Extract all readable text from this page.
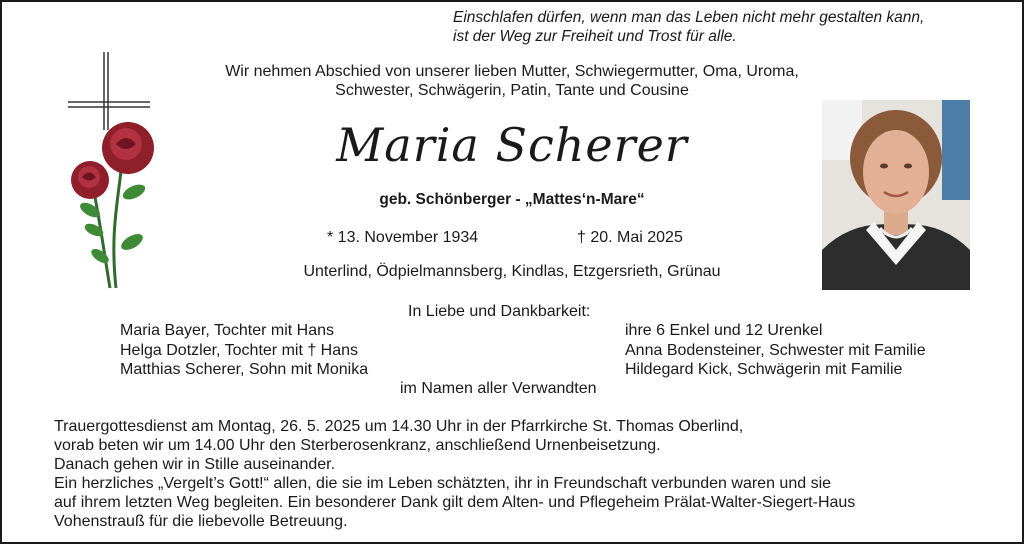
Einschlafen dürfen, wenn man das Leben nicht mehr gestalten kann,
ist der Weg zur Freiheit und Trost für alle.
Wir nehmen Abschied von unserer lieben Mutter, Schwiegermutter, Oma, Uroma,
Schwester, Schwägerin, Patin, Tante und Cousine
Maria Scherer
geb. Schönberger - „Mattes‘n-Mare“
* 13. November 1934	† 20. Mai 2025
Unterlind, Ödpielmannsberg, Kindlas, Etzgersrieth, Grünau
In Liebe und Dankbarkeit:
Maria Bayer, Tochter mit Hans
Helga Dotzler, Tochter mit † Hans
Matthias Scherer, Sohn mit Monika
ihre 6 Enkel und 12 Urenkel
Anna Bodensteiner, Schwester mit Familie
Hildegard Kick, Schwägerin mit Familie
im Namen aller Verwandten
Trauergottesdienst am Montag, 26. 5. 2025 um 14.30 Uhr in der Pfarrkirche St. Thomas Oberlind,
vorab beten wir um 14.00 Uhr den Sterberosenkranz, anschließend Urnenbeisetzung.
Danach gehen wir in Stille auseinander.
Ein herzliches „Vergelt’s Gott!“ allen, die sie im Leben schätzten, ihr in Freundschaft verbunden waren und sie
auf ihrem letzten Weg begleiten. Ein besonderer Dank gilt dem Alten- und Pflegeheim Prälat-Walter-Siegert-Haus
Vohenstrauß für die liebevolle Betreuung.
